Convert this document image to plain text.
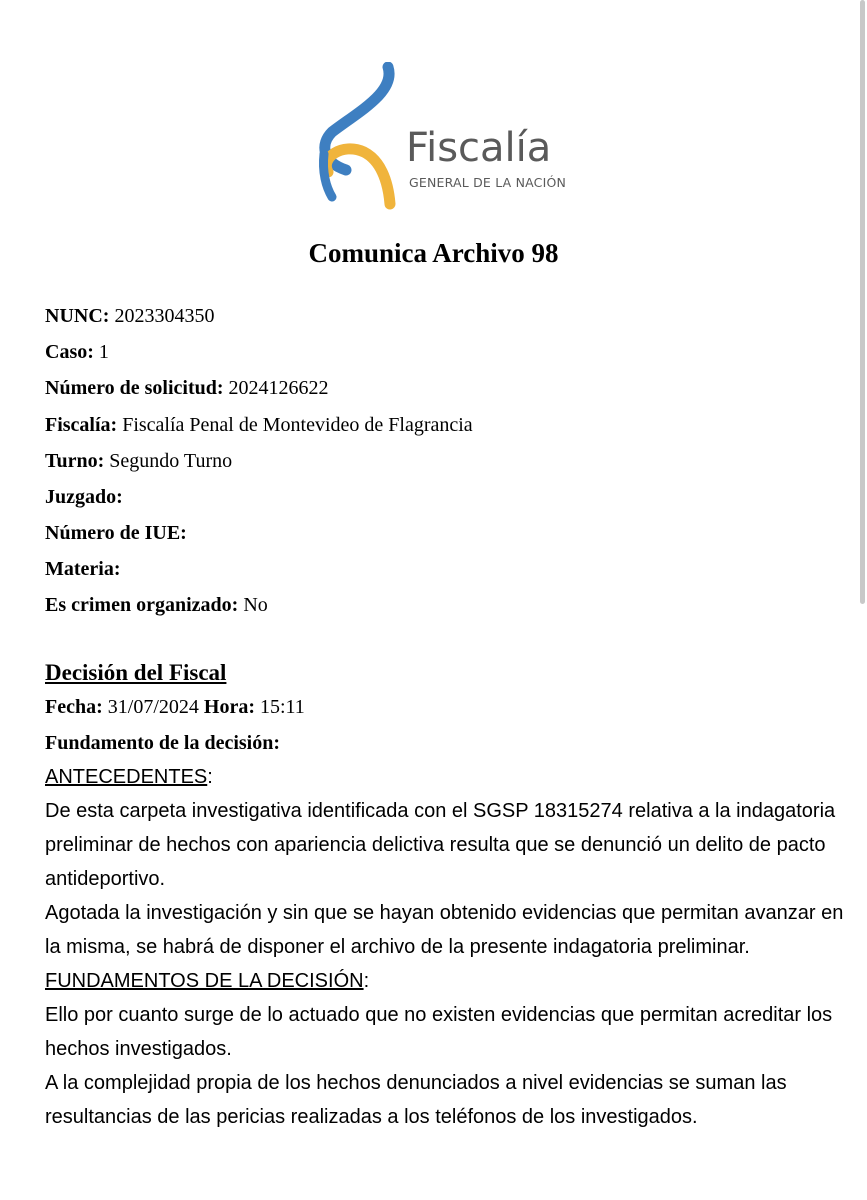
Fiscalía
GENERAL DE LA NACIÓN
Comunica Archivo 98
NUNC: 2023304350
Caso: 1
Número de solicitud: 2024126622
Fiscalía: Fiscalía Penal de Montevideo de Flagrancia
Turno: Segundo Turno
Juzgado:
Número de IUE:
Materia:
Es crimen organizado: No
Decisión del Fiscal
Fecha: 31/07/2024 Hora: 15:11
Fundamento de la decisión:
ANTECEDENTES:
De esta carpeta investigativa identificada con el SGSP 18315274 relativa a la indagatoria preliminar de hechos con apariencia delictiva resulta que se denunció un delito de pacto antideportivo.
Agotada la investigación y sin que se hayan obtenido evidencias que permitan avanzar en la misma, se habrá de disponer el archivo de la presente indagatoria preliminar.
FUNDAMENTOS DE LA DECISIÓN:
Ello por cuanto surge de lo actuado que no existen evidencias que permitan acreditar los hechos investigados.
A la complejidad propia de los hechos denunciados a nivel evidencias se suman las resultancias de las pericias realizadas a los teléfonos de los investigados.
